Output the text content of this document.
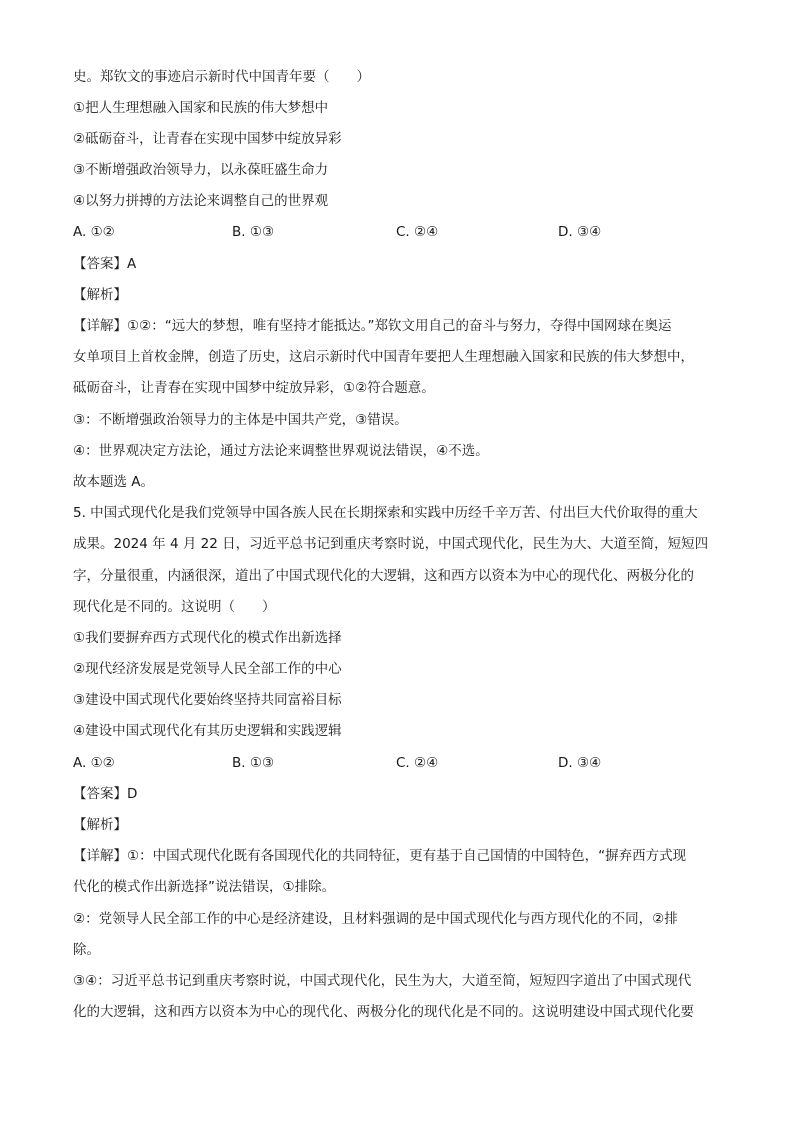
史。郑钦文的事迹启示新时代中国青年要（　　）
①把人生理想融入国家和民族的伟大梦想中
②砥砺奋斗，让青春在实现中国梦中绽放异彩
③不断增强政治领导力，以永葆旺盛生命力
④以努力拼搏的方法论来调整自己的世界观
A. ①②	B. ①③	C. ②④	D. ③④
【答案】A
【解析】
【详解】①②：“远大的梦想，唯有坚持才能抵达。”郑钦文用自己的奋斗与努力，夺得中国网球在奥运
女单项目上首枚金牌，创造了历史，这启示新时代中国青年要把人生理想融入国家和民族的伟大梦想中，
砥砺奋斗，让青春在实现中国梦中绽放异彩，①②符合题意。
③：不断增强政治领导力的主体是中国共产党，③错误。
④：世界观决定方法论，通过方法论来调整世界观说法错误，④不选。
故本题选 A。
5. 中国式现代化是我们党领导中国各族人民在长期探索和实践中历经千辛万苦、付出巨大代价取得的重大
成果。2024 年 4 月 22 日，习近平总书记到重庆考察时说，中国式现代化，民生为大、大道至简，短短四
字，分量很重，内涵很深，道出了中国式现代化的大逻辑，这和西方以资本为中心的现代化、两极分化的
现代化是不同的。这说明（　　）
①我们要摒弃西方式现代化的模式作出新选择
②现代经济发展是党领导人民全部工作的中心
③建设中国式现代化要始终坚持共同富裕目标
④建设中国式现代化有其历史逻辑和实践逻辑
A. ①②	B. ①③	C. ②④	D. ③④
【答案】D
【解析】
【详解】①：中国式现代化既有各国现代化的共同特征，更有基于自己国情的中国特色，“摒弃西方式现
代化的模式作出新选择”说法错误，①排除。
②：党领导人民全部工作的中心是经济建设，且材料强调的是中国式现代化与西方现代化的不同，②排
除。
③④：习近平总书记到重庆考察时说，中国式现代化，民生为大，大道至简，短短四字道出了中国式现代
化的大逻辑，这和西方以资本为中心的现代化、两极分化的现代化是不同的。这说明建设中国式现代化要
